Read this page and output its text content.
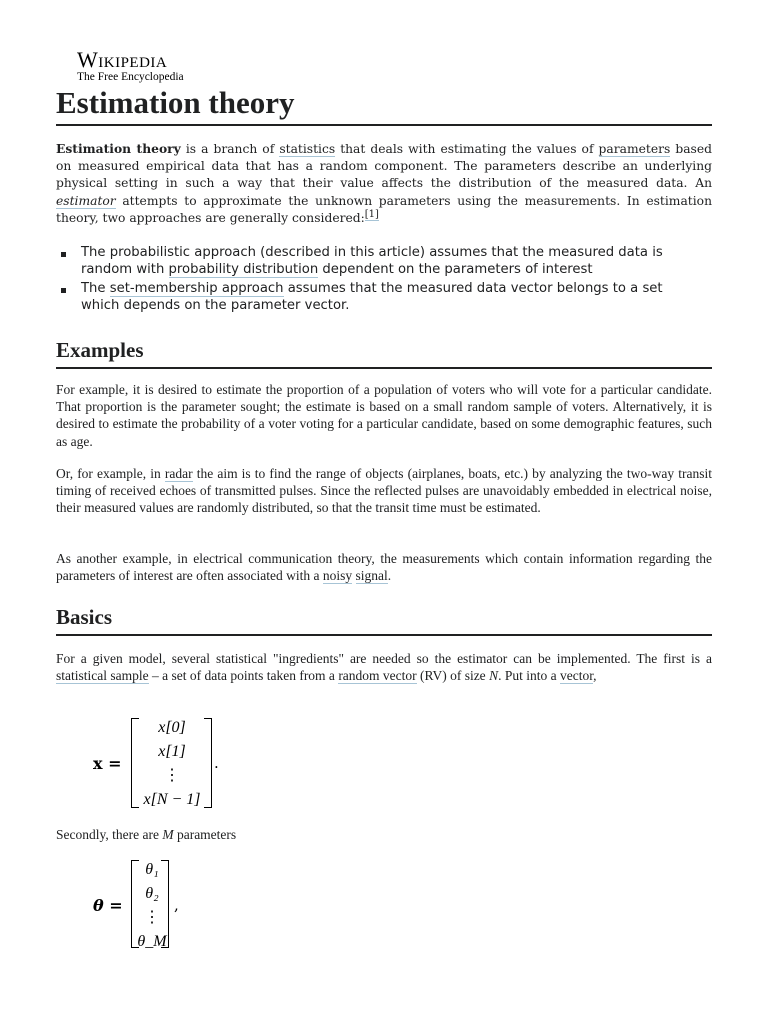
Wikipedia
The Free Encyclopedia
Estimation theory

Estimation theory is a branch of statistics that deals with estimating the values of parameters based on measured empirical data that has a random component. The parameters describe an underlying physical setting in such a way that their value affects the distribution of the measured data. An estimator attempts to approximate the unknown parameters using the measurements. In estimation theory, two approaches are generally considered:[1]

The probabilistic approach (described in this article) assumes that the measured data is random with probability distribution dependent on the parameters of interest
The set-membership approach assumes that the measured data vector belongs to a set which depends on the parameter vector.
Examples

For example, it is desired to estimate the proportion of a population of voters who will vote for a particular candidate. That proportion is the parameter sought; the estimate is based on a small random sample of voters. Alternatively, it is desired to estimate the probability of a voter voting for a particular candidate, based on some demographic features, such as age.

Or, for example, in radar the aim is to find the range of objects (airplanes, boats, etc.) by analyzing the two-way transit timing of received echoes of transmitted pulses. Since the reflected pulses are unavoidably embedded in electrical noise, their measured values are randomly distributed, so that the transit time must be estimated.

As another example, in electrical communication theory, the measurements which contain information regarding the parameters of interest are often associated with a noisy signal.

Basics

For a given model, several statistical "ingredients" are needed so the estimator can be implemented. The first is a statistical sample – a set of data points taken from a random vector (RV) of size N. Put into a vector,

x =
x[0]
x[1]
⋮
x[N − 1]
.

Secondly, there are M parameters

θ =
θ₁
θ₂
⋮
θ_M
,
